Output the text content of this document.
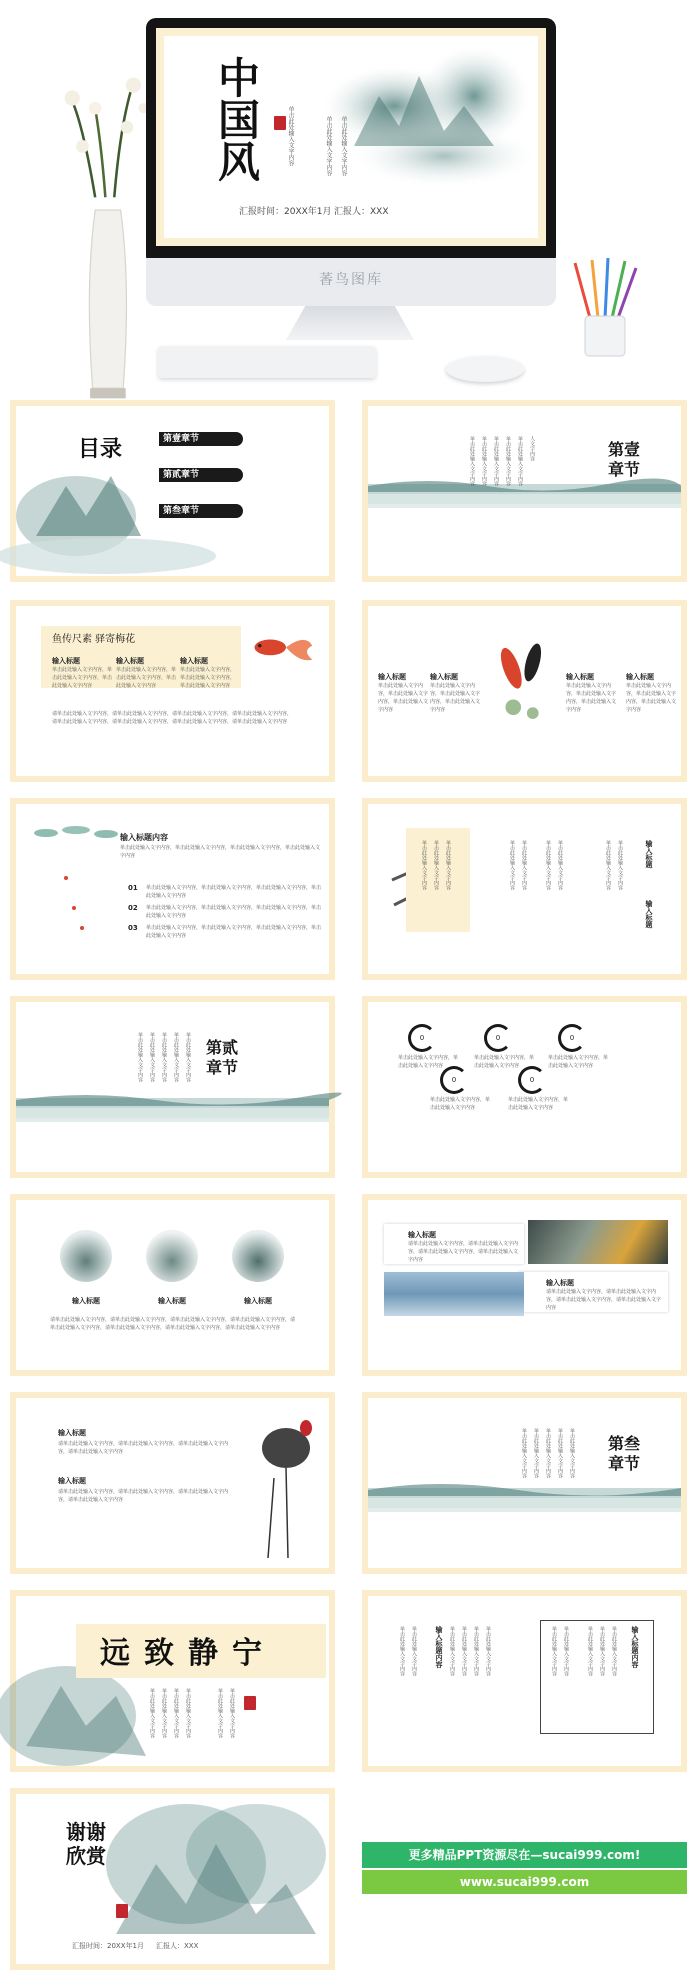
中国风	单击此处输入文字内容	单击此处输入文字内容 单击此处输入文字内容
汇报时间：20XX年1月 汇报人：XXX
萫鸟图库
目录	第壹章节
第贰章节
第叁章节
单击此处输入文字内容 单击此处输入文字内容 单击此处输入文字内容 单击此处输入文字内容 单击此处输入文字内容 人文字内容	第壹章节
鱼传尺素 驿寄梅花
输入标题	输入标题	输入标题
单击此处输入文字内容，单击此处输入文字内容，单击此处输入文字内容
单击此处输入文字内容，单击此处输入文字内容，单击此处输入文字内容
单击此处输入文字内容，单击此处输入文字内容，单击此处输入文字内容
请单击此处输入文字内容，请单击此处输入文字内容，请单击此处输入文字内容，请单击此处输入文字内容，请单击此处输入文字内容，请单击此处输入文字内容，请单击此处输入文字内容，请单击此处输入文字内容
输入标题	输入标题	输入标题	输入标题
单击此处输入文字内容，单击此处输入文字内容，单击此处输入文字内容
单击此处输入文字内容，单击此处输入文字内容，单击此处输入文字内容
单击此处输入文字内容，单击此处输入文字内容，单击此处输入文字内容
单击此处输入文字内容，单击此处输入文字内容，单击此处输入文字内容
输入标题内容
单击此处输入文字内容，单击此处输入文字内容，单击此处输入文字内容，单击此处输入文字内容
01
02
03
单击此处输入文字内容，单击此处输入文字内容，单击此处输入文字内容，单击此处输入文字内容
单击此处输入文字内容，单击此处输入文字内容，单击此处输入文字内容，单击此处输入文字内容
单击此处输入文字内容，单击此处输入文字内容，单击此处输入文字内容，单击此处输入文字内容
单击此处输入文字内容 单击此处输入文字内容 单击此处输入文字内容	单击此处输入文字内容 单击此处输入文字内容	单击此处输入文字内容 单击此处输入文字内容	单击此处输入文字内容 单击此处输入文字内容	输入标题
输入标题
单击此处输入文字内容 单击此处输入文字内容 单击此处输入文字内容 单击此处输入文字内容 单击此处输入文字内容 第贰章节
0	0	0
0	0
单击此处输入文字内容，单击此处输入文字内容
单击此处输入文字内容，单击此处输入文字内容
单击此处输入文字内容，单击此处输入文字内容
单击此处输入文字内容，单击此处输入文字内容
单击此处输入文字内容，单击此处输入文字内容
输入标题	输入标题	输入标题
请单击此处输入文字内容，请单击此处输入文字内容，请单击此处输入文字内容，请单击此处输入文字内容，请单击此处输入文字内容，请单击此处输入文字内容，请单击此处输入文字内容，请单击此处输入文字内容
输入标题
请单击此处输入文字内容，请单击此处输入文字内容，请单击此处输入文字内容，请单击此处输入文字内容
输入标题
请单击此处输入文字内容，请单击此处输入文字内容，请单击此处输入文字内容，请单击此处输入文字内容
输入标题
请单击此处输入文字内容，请单击此处输入文字内容，请单击此处输入文字内容，请单击此处输入文字内容
输入标题
请单击此处输入文字内容，请单击此处输入文字内容，请单击此处输入文字内容，请单击此处输入文字内容
单击此处输入文字内容 单击此处输入文字内容 单击此处输入文字内容 单击此处输入文字内容 单击此处输入文字内容 第叁章节
宁静致远
单击此处输入文字内容 单击此处输入文字内容 单击此处输入文字内容 单击此处输入文字内容	单击此处输入文字内容 单击此处输入文字内容
单击此处输入文字内容 单击此处输入文字内容	输入标题内容 单击此处输入文字内容 单击此处输入文字内容 单击此处输入文字内容 单击此处输入文字内容	单击此处输入文字内容 单击此处输入文字内容	单击此处输入文字内容 单击此处输入文字内容 单击此处输入文字内容 输入标题内容
谢谢欣赏
汇报时间：20XX年1月 汇报人：XXX
更多精品PPT资源尽在—sucai999.com!
www.sucai999.com
